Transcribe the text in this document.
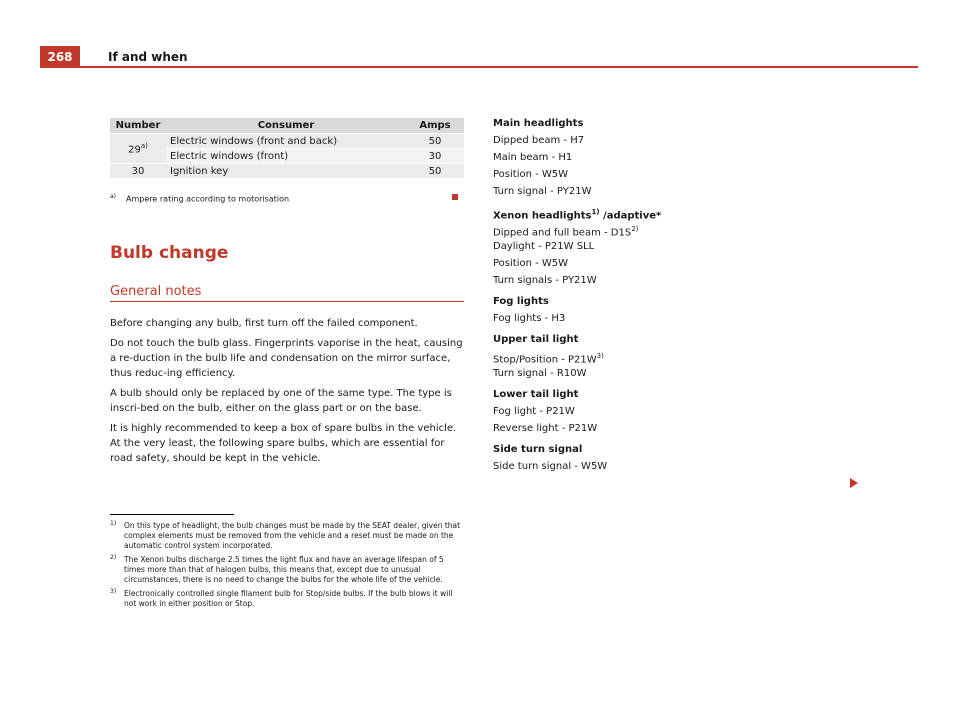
268	If and when
Number	Consumer	Amps
29$^{a)}$	Electric windows (front and back)	50
	Electric windows (front)	30
30	Ignition key	50
$^{a)}$ Ampere rating according to motorisation
Bulb change
General notes

Before changing any bulb, first turn off the failed component.

Do not touch the bulb glass. Fingerprints vaporise in the heat, causing a re-duction in the bulb life and condensation on the mirror surface, thus reduc-ing efficiency.

A bulb should only be replaced by one of the same type. The type is inscri-bed on the bulb, either on the glass part or on the base.

It is highly recommended to keep a box of spare bulbs in the vehicle. At the very least, the following spare bulbs, which are essential for road safety, should be kept in the vehicle.

Main headlights
Dipped beam - H7
Main beam - H1
Position - W5W
Turn signal - PY21W
Xenon headlights$^{1)}$ /adaptive*
Dipped and full beam - $D1S^{2)}$
Daylight - P21W SLL
Position - W5W
Turn signals - PY21W
Fog lights
Fog lights - H3
Upper tail light
Stop/Position - $P21W^{3)}$
Turn signal - R10W
Lower tail light
Fog light - P21W
Reverse light - P21W
Side turn signal
Side turn signal - W5W
1) On this type of headlight, the bulb changes must be made by the SEAT dealer, given that complex elements must be removed from the vehicle and a reset must be made on the automatic control system incorporated.
2) The Xenon bulbs discharge 2.5 times the light flux and have an average lifespan of 5 times more than that of halogen bulbs, this means that, except due to unusual circumstances, there is no need to change the bulbs for the whole life of the vehicle.
3) Electronically controlled single filament bulb for Stop/side bulbs. If the bulb blows it will not work in either position or Stop.
